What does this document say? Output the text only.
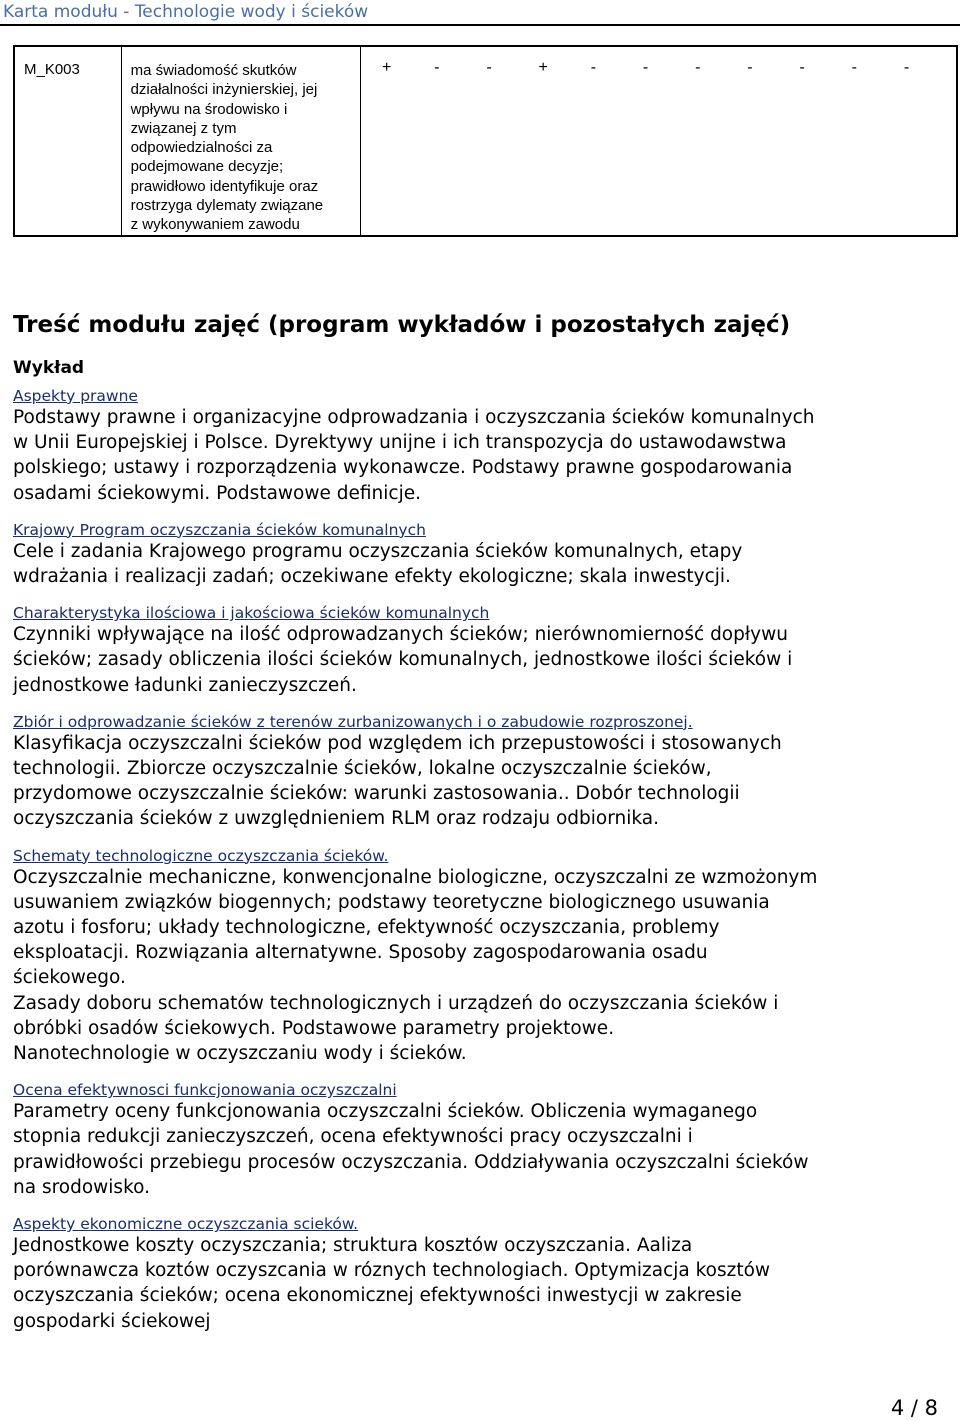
Karta modułu - Technologie wody i ścieków
M_K003	ma świadomość skutków
działalności inżynierskiej, jej
wpływu na środowisko i
związanej z tym
odpowiedzialności za
podejmowane decyzje;
prawidłowo identyfikuje oraz
rostrzyga dylematy związane
z wykonywaniem zawodu
+	-	-	+	-	-	-	-	-	-	-
Treść modułu zajęć (program wykładów i pozostałych zajęć)
Wykład
Aspekty prawne
Podstawy prawne i organizacyjne odprowadzania i oczyszczania ścieków komunalnych
w Unii Europejskiej i Polsce. Dyrektywy unijne i ich transpozycja do ustawodawstwa
polskiego; ustawy i rozporządzenia wykonawcze. Podstawy prawne gospodarowania
osadami ściekowymi. Podstawowe definicje.
Krajowy Program oczyszczania ścieków komunalnych
Cele i zadania Krajowego programu oczyszczania ścieków komunalnych, etapy
wdrażania i realizacji zadań; oczekiwane efekty ekologiczne; skala inwestycji.
Charakterystyka ilościowa i jakościowa ścieków komunalnych
Czynniki wpływające na ilość odprowadzanych ścieków; nierównomierność dopływu
ścieków; zasady obliczenia ilości ścieków komunalnych, jednostkowe ilości ścieków i
jednostkowe ładunki zanieczyszczeń.
Zbiór i odprowadzanie ścieków z terenów zurbanizowanych i o zabudowie rozproszonej.
Klasyfikacja oczyszczalni ścieków pod względem ich przepustowości i stosowanych
technologii. Zbiorcze oczyszczalnie ścieków, lokalne oczyszczalnie ścieków,
przydomowe oczyszczalnie ścieków: warunki zastosowania.. Dobór technologii
oczyszczania ścieków z uwzględnieniem RLM oraz rodzaju odbiornika.
Schematy technologiczne oczyszczania ścieków.
Oczyszczalnie mechaniczne, konwencjonalne biologiczne, oczyszczalni ze wzmożonym
usuwaniem związków biogennych; podstawy teoretyczne biologicznego usuwania
azotu i fosforu; układy technologiczne, efektywność oczyszczania, problemy
eksploatacji. Rozwiązania alternatywne. Sposoby zagospodarowania osadu
ściekowego.
Zasady doboru schematów technologicznych i urządzeń do oczyszczania ścieków i
obróbki osadów ściekowych. Podstawowe parametry projektowe.
Nanotechnologie w oczyszczaniu wody i ścieków.
Ocena efektywnosci funkcjonowania oczyszczalni
Parametry oceny funkcjonowania oczyszczalni ścieków. Obliczenia wymaganego
stopnia redukcji zanieczyszczeń, ocena efektywności pracy oczyszczalni i
prawidłowości przebiegu procesów oczyszczania. Oddziaływania oczyszczalni ścieków
na srodowisko.
Aspekty ekonomiczne oczyszczania scieków.
Jednostkowe koszty oczyszczania; struktura kosztów oczyszczania. Aaliza
porównawcza koztów oczyszcania w róznych technologiach. Optymizacja kosztów
oczyszczania ścieków; ocena ekonomicznej efektywności inwestycji w zakresie
gospodarki ściekowej
4 / 8
